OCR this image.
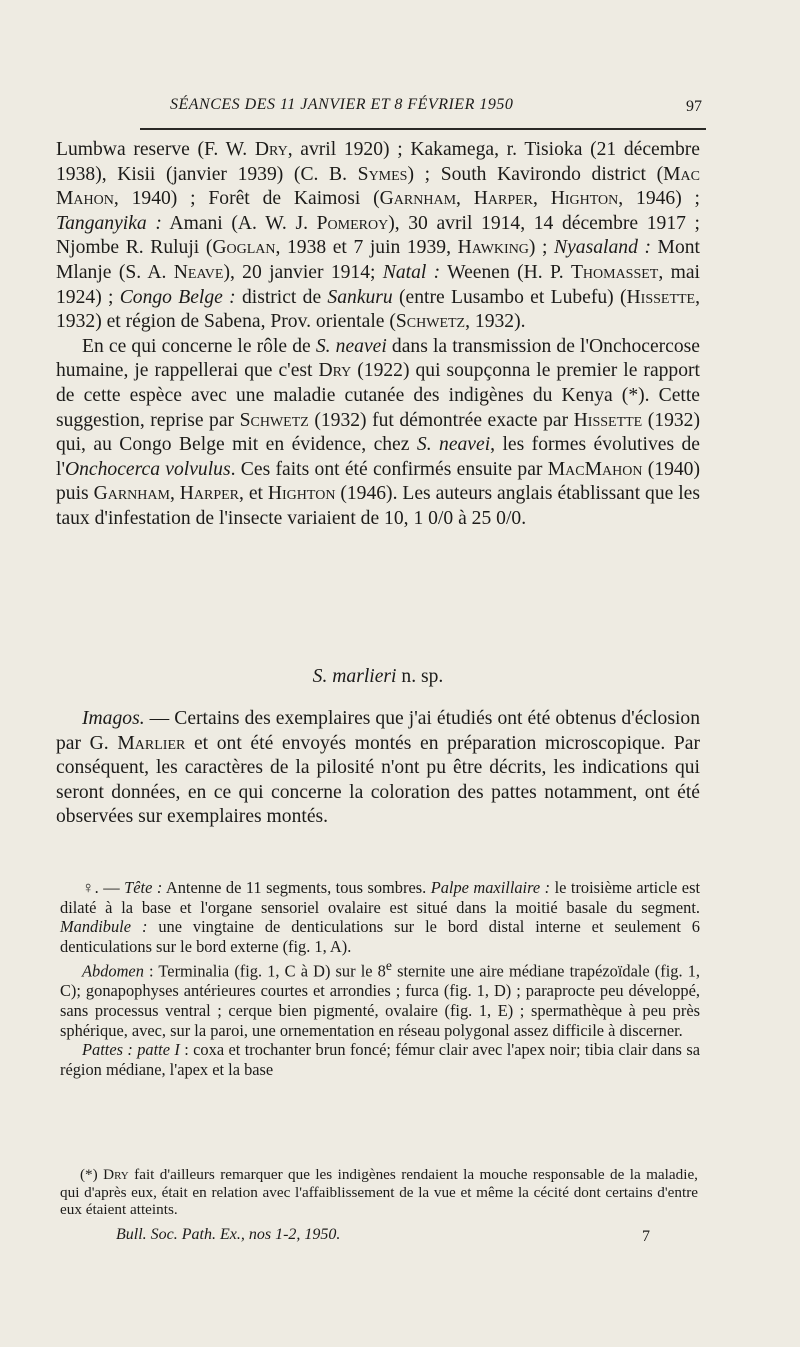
SÉANCES DES 11 JANVIER ET 8 FÉVRIER 1950	97

Lumbwa reserve (F. W. Dry, avril 1920) ; Kakamega, r. Tisioka (21 décembre 1938), Kisii (janvier 1939) (C. B. Symes) ; South Kavirondo district (Mac Mahon, 1940) ; Forêt de Kaimosi (Garnham, Harper, Highton, 1946) ; Tanganyika : Amani (A. W. J. Pomeroy), 30 avril 1914, 14 décembre 1917 ; Njombe R. Ruluji (Goglan, 1938 et 7 juin 1939, Hawking) ; Nyasaland : Mont Mlanje (S. A. Neave), 20 janvier 1914; Natal : Weenen (H. P. Thomasset, mai 1924) ; Congo Belge : district de Sankuru (entre Lusambo et Lubefu) (Hissette, 1932) et région de Sabena, Prov. orientale (Schwetz, 1932).

En ce qui concerne le rôle de S. neavei dans la transmission de l'Onchocercose humaine, je rappellerai que c'est Dry (1922) qui soupçonna le premier le rapport de cette espèce avec une maladie cutanée des indigènes du Kenya (*). Cette suggestion, reprise par Schwetz (1932) fut démontrée exacte par Hissette (1932) qui, au Congo Belge mit en évidence, chez S. neavei, les formes évolutives de l'Onchocerca volvulus. Ces faits ont été confirmés ensuite par MacMahon (1940) puis Garnham, Harper, et Highton (1946). Les auteurs anglais établissant que les taux d'infestation de l'insecte variaient de 10, 1 0/0 à 25 0/0.

S. marlieri n. sp.

Imagos. — Certains des exemplaires que j'ai étudiés ont été obtenus d'éclosion par G. Marlier et ont été envoyés montés en préparation microscopique. Par conséquent, les caractères de la pilosité n'ont pu être décrits, les indications qui seront données, en ce qui concerne la coloration des pattes notamment, ont été observées sur exemplaires montés.

♀. — Tête : Antenne de 11 segments, tous sombres. Palpe maxillaire : le troisième article est dilaté à la base et l'organe sensoriel ovalaire est situé dans la moitié basale du segment. Mandibule : une vingtaine de denticulations sur le bord distal interne et seulement 6 denticulations sur le bord externe (fig. 1, A).

Abdomen : Terminalia (fig. 1, C à D) sur le 8e sternite une aire médiane trapézoïdale (fig. 1, C); gonapophyses antérieures courtes et arrondies ; furca (fig. 1, D) ; paraprocte peu développé, sans processus ventral ; cerque bien pigmenté, ovalaire (fig. 1, E) ; spermathèque à peu près sphérique, avec, sur la paroi, une ornementation en réseau polygonal assez difficile à discerner.

Pattes : patte I : coxa et trochanter brun foncé; fémur clair avec l'apex noir; tibia clair dans sa région médiane, l'apex et la base

(*) Dry fait d'ailleurs remarquer que les indigènes rendaient la mouche responsable de la maladie, qui d'après eux, était en relation avec l'affaiblissement de la vue et même la cécité dont certains d'entre eux étaient atteints.

Bull. Soc. Path. Ex., nos 1-2, 1950.	7
